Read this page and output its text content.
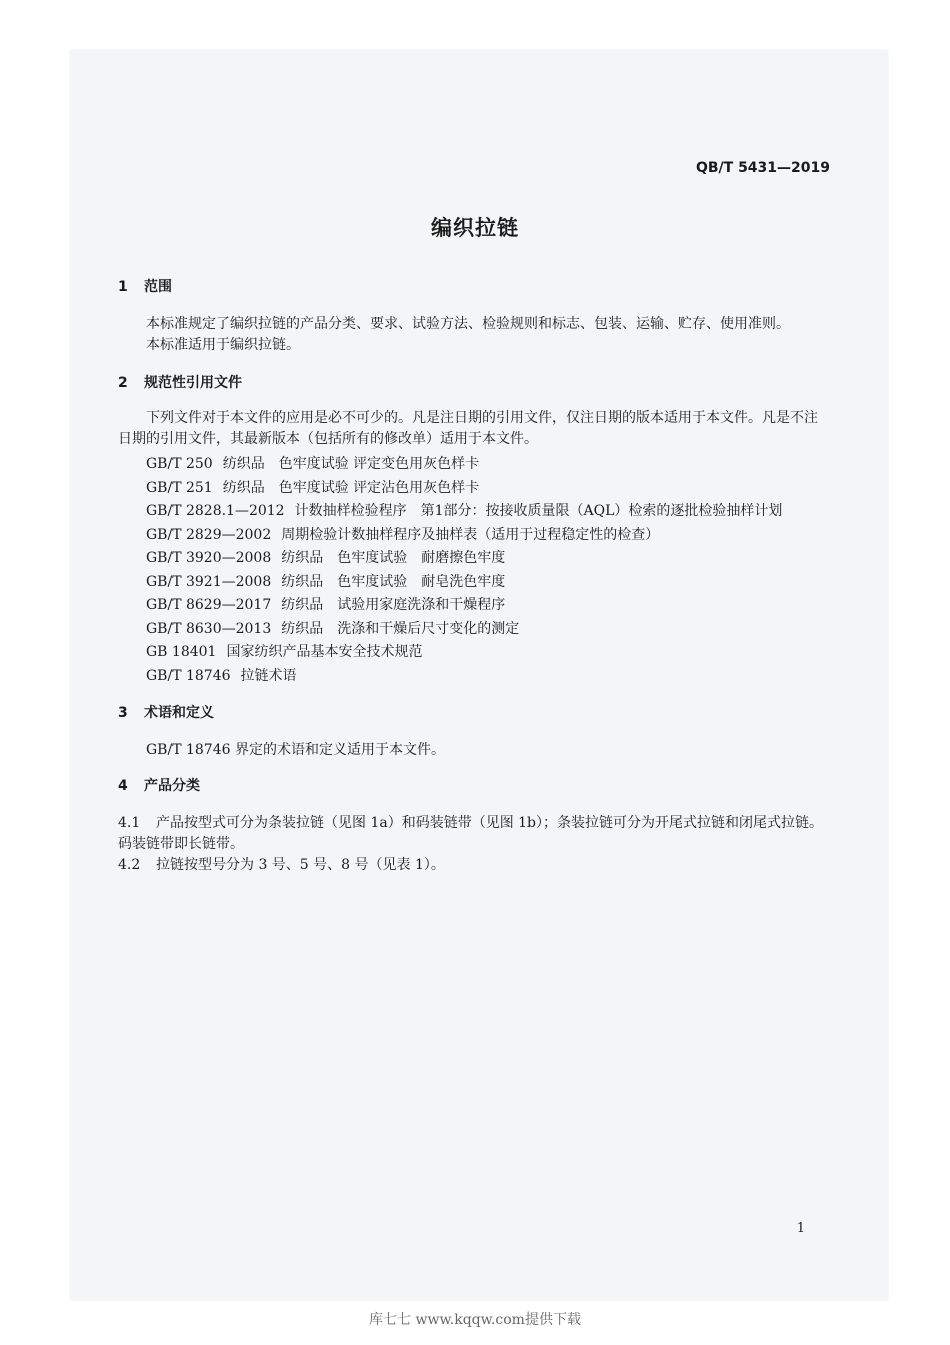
QB/T 5431—2019
编织拉链
1 范围
本标准规定了编织拉链的产品分类、要求、试验方法、检验规则和标志、包装、运输、贮存、使用准则。
本标准适用于编织拉链。
2 规范性引用文件
下列文件对于本文件的应用是必不可少的。凡是注日期的引用文件，仅注日期的版本适用于本文件。凡是不注日期的引用文件，其最新版本（包括所有的修改单）适用于本文件。
GB/T 250 纺织品　色牢度试验 评定变色用灰色样卡
GB/T 251 纺织品　色牢度试验 评定沾色用灰色样卡
GB/T 2828.1—2012 计数抽样检验程序　第1部分：按接收质量限（AQL）检索的逐批检验抽样计划
GB/T 2829—2002 周期检验计数抽样程序及抽样表（适用于过程稳定性的检查）
GB/T 3920—2008 纺织品　色牢度试验　耐磨擦色牢度
GB/T 3921—2008 纺织品　色牢度试验　耐皂洗色牢度
GB/T 8629—2017 纺织品　试验用家庭洗涤和干燥程序
GB/T 8630—2013 纺织品　洗涤和干燥后尺寸变化的测定
GB 18401 国家纺织产品基本安全技术规范
GB/T 18746 拉链术语
3 术语和定义
GB/T 18746 界定的术语和定义适用于本文件。
4 产品分类
4.1 产品按型式可分为条装拉链（见图 1a）和码装链带（见图 1b）；条装拉链可分为开尾式拉链和闭尾式拉链。码装链带即长链带。
4.2 拉链按型号分为 3 号、5 号、8 号（见表 1）。
1
库七七 www.kqqw.com提供下载
